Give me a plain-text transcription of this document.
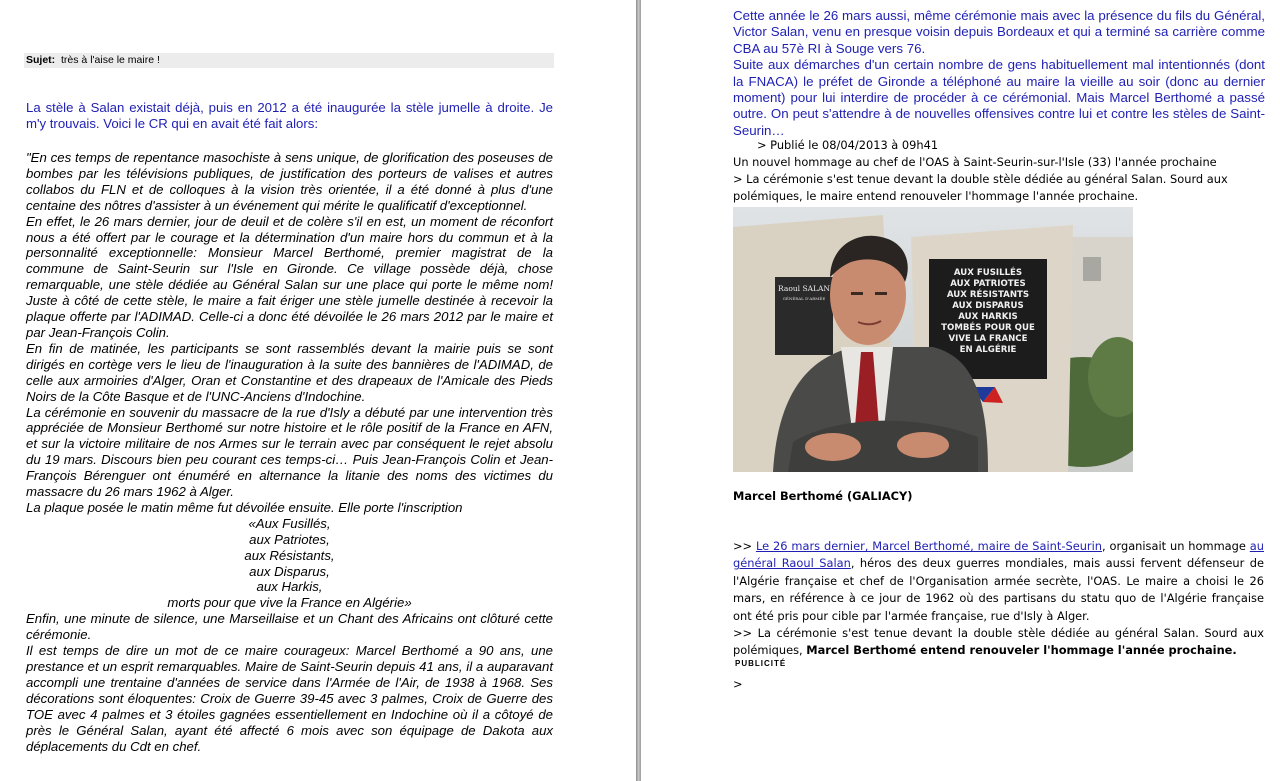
Sujet: très à l'aise le maire !
La stèle à Salan existait déjà, puis en 2012 a été inaugurée la stèle jumelle à droite. Je m'y trouvais. Voici le CR qui en avait été fait alors:

"En ces temps de repentance masochiste à sens unique, de glorification des poseuses de bombes par les télévisions publiques, de justification des porteurs de valises et autres collabos du FLN et de colloques à la vision très orientée, il a été donné à plus d'une centaine des nôtres d'assister à un événement qui mérite le qualificatif d'exceptionnel.

En effet, le 26 mars dernier, jour de deuil et de colère s'il en est, un moment de réconfort nous a été offert par le courage et la détermination d'un maire hors du commun et à la personnalité exceptionnelle: Monsieur Marcel Berthomé, premier magistrat de la commune de Saint-Seurin sur l'Isle en Gironde. Ce village possède déjà, chose remarquable, une stèle dédiée au Général Salan sur une place qui porte le même nom! Juste à côté de cette stèle, le maire a fait ériger une stèle jumelle destinée à recevoir la plaque offerte par l'ADIMAD. Celle-ci a donc été dévoilée le 26 mars 2012 par le maire et par Jean-François Colin.

En fin de matinée, les participants se sont rassemblés devant la mairie puis se sont dirigés en cortège vers le lieu de l'inauguration à la suite des bannières de l'ADIMAD, de celle aux armoiries d'Alger, Oran et Constantine et des drapeaux de l'Amicale des Pieds Noirs de la Côte Basque et de l'UNC-Anciens d'Indochine.

La cérémonie en souvenir du massacre de la rue d'Isly a débuté par une intervention très appréciée de Monsieur Berthomé sur notre histoire et le rôle positif de la France en AFN, et sur la victoire militaire de nos Armes sur le terrain avec par conséquent le rejet absolu du 19 mars. Discours bien peu courant ces temps-ci… Puis Jean-François Colin et Jean-François Bérenguer ont énuméré en alternance la litanie des noms des victimes du massacre du 26 mars 1962 à Alger.

La plaque posée le matin même fut dévoilée ensuite. Elle porte l'inscription

«Aux Fusillés,

aux Patriotes,

aux Résistants,

aux Disparus,

aux Harkis,

morts pour que vive la France en Algérie»

Enfin, une minute de silence, une Marseillaise et un Chant des Africains ont clôturé cette cérémonie.

Il est temps de dire un mot de ce maire courageux: Marcel Berthomé a 90 ans, une prestance et un esprit remarquables. Maire de Saint-Seurin depuis 41 ans, il a auparavant accompli une trentaine d'années de service dans l'Armée de l'Air, de 1938 à 1968. Ses décorations sont éloquentes: Croix de Guerre 39-45 avec 3 palmes, Croix de Guerre des TOE avec 4 palmes et 3 étoiles gagnées essentiellement en Indochine où il a côtoyé de près le Général Salan, ayant été affecté 6 mois avec son équipage de Dakota aux déplacements du Cdt en chef.

Cette année le 26 mars aussi, même cérémonie mais avec la présence du fils du Général, Victor Salan, venu en presque voisin depuis Bordeaux et qui a terminé sa carrière comme CBA au 57è RI à Souge vers 76.

Suite aux démarches d'un certain nombre de gens habituellement mal intentionnés (dont la FNACA) le préfet de Gironde a téléphoné au maire la vieille au soir (donc au dernier moment) pour lui interdire de procéder à ce cérémonial. Mais Marcel Berthomé a passé outre. On peut s'attendre à de nouvelles offensives contre lui et contre les stèles de Saint-Seurin…

> Publié le 08/04/2013 à 09h41
Un nouvel hommage au chef de l'OAS à Saint-Seurin-sur-l'Isle (33) l'année prochaine
> La cérémonie s'est tenue devant la double stèle dédiée au général Salan. Sourd aux polémiques, le maire entend renouveler l'hommage l'année prochaine.
Raoul SALAN
GÉNÉRAL D'ARMÉE
AUX FUSILLÉS
AUX PATRIOTES
AUX RÉSISTANTS
AUX DISPARUS
AUX HARKIS
TOMBÉS POUR QUE
VIVE LA FRANCE
EN ALGÉRIE
Marcel Berthomé (GALIACY)

>> Le 26 mars dernier, Marcel Berthomé, maire de Saint-Seurin, organisait un hommage au général Raoul Salan, héros des deux guerres mondiales, mais aussi fervent défenseur de l'Algérie française et chef de l'Organisation armée secrète, l'OAS. Le maire a choisi le 26 mars, en référence à ce jour de 1962 où des partisans du statu quo de l'Algérie française ont été pris pour cible par l'armée française, rue d'Isly à Alger.

>> La cérémonie s'est tenue devant la double stèle dédiée au général Salan. Sourd aux polémiques, Marcel Berthomé entend renouveler l'hommage l'année prochaine.

PUBLICITÉ
>
